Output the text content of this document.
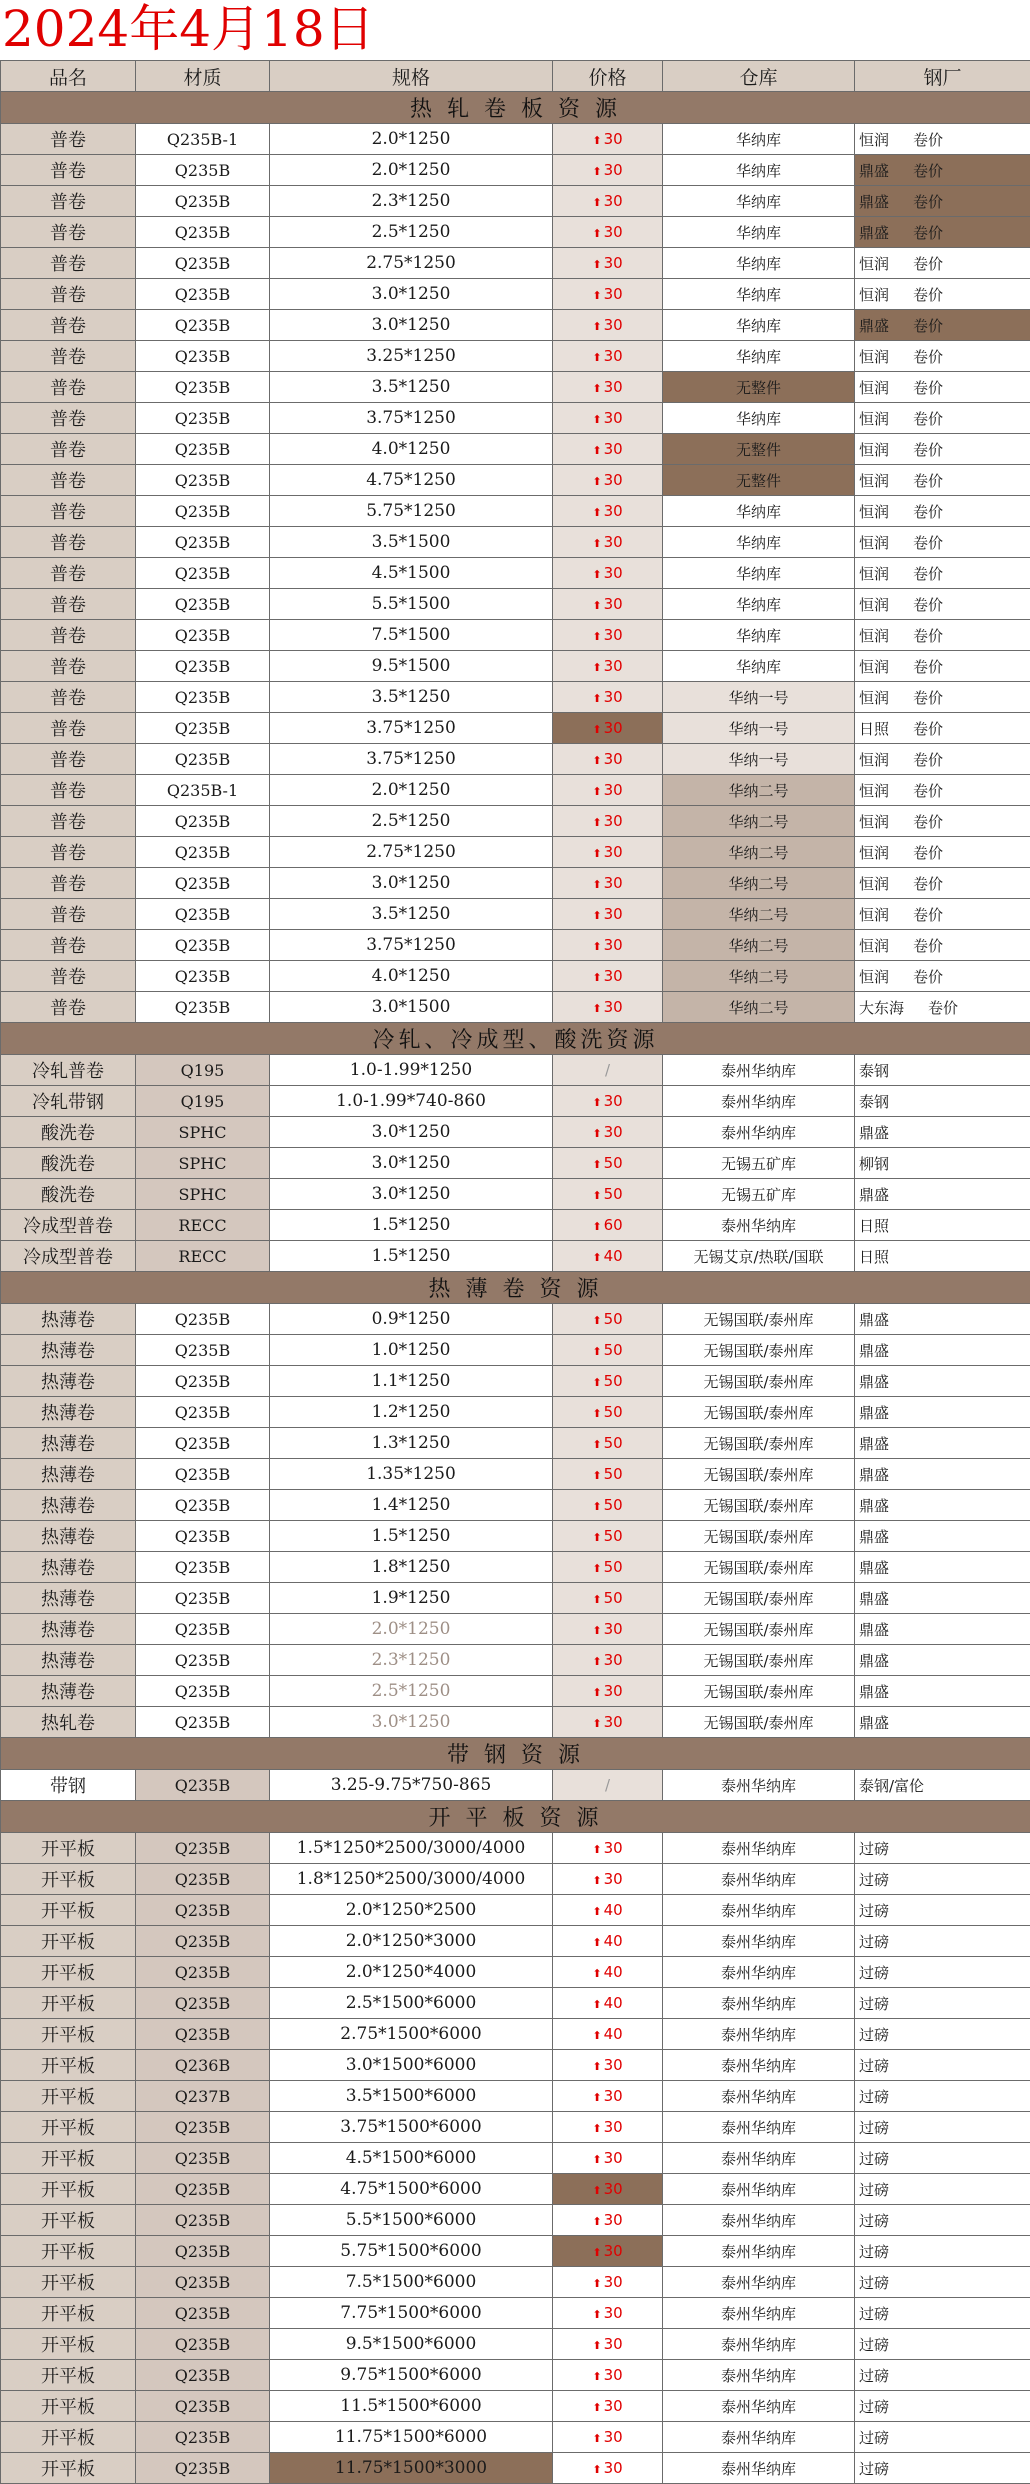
2024年4月18日
品名	材质	规格	价格	仓库	钢厂
热 轧 卷 板 资 源					
普卷	Q235B-1	2.0*1250	⬆ 30	华纳库	恒润 卷价
普卷	Q235B	2.0*1250	⬆ 30	华纳库	鼎盛 卷价
普卷	Q235B	2.3*1250	⬆ 30	华纳库	鼎盛 卷价
普卷	Q235B	2.5*1250	⬆ 30	华纳库	鼎盛 卷价
普卷	Q235B	2.75*1250	⬆ 30	华纳库	恒润 卷价
普卷	Q235B	3.0*1250	⬆ 30	华纳库	恒润 卷价
普卷	Q235B	3.0*1250	⬆ 30	华纳库	鼎盛 卷价
普卷	Q235B	3.25*1250	⬆ 30	华纳库	恒润 卷价
普卷	Q235B	3.5*1250	⬆ 30	无整件	恒润 卷价
普卷	Q235B	3.75*1250	⬆ 30	华纳库	恒润 卷价
普卷	Q235B	4.0*1250	⬆ 30	无整件	恒润 卷价
普卷	Q235B	4.75*1250	⬆ 30	无整件	恒润 卷价
普卷	Q235B	5.75*1250	⬆ 30	华纳库	恒润 卷价
普卷	Q235B	3.5*1500	⬆ 30	华纳库	恒润 卷价
普卷	Q235B	4.5*1500	⬆ 30	华纳库	恒润 卷价
普卷	Q235B	5.5*1500	⬆ 30	华纳库	恒润 卷价
普卷	Q235B	7.5*1500	⬆ 30	华纳库	恒润 卷价
普卷	Q235B	9.5*1500	⬆ 30	华纳库	恒润 卷价
普卷	Q235B	3.5*1250	⬆ 30	华纳一号	恒润 卷价
普卷	Q235B	3.75*1250	⬆ 30	华纳一号	日照 卷价
普卷	Q235B	3.75*1250	⬆ 30	华纳一号	恒润 卷价
普卷	Q235B-1	2.0*1250	⬆ 30	华纳二号	恒润 卷价
普卷	Q235B	2.5*1250	⬆ 30	华纳二号	恒润 卷价
普卷	Q235B	2.75*1250	⬆ 30	华纳二号	恒润 卷价
普卷	Q235B	3.0*1250	⬆ 30	华纳二号	恒润 卷价
普卷	Q235B	3.5*1250	⬆ 30	华纳二号	恒润 卷价
普卷	Q235B	3.75*1250	⬆ 30	华纳二号	恒润 卷价
普卷	Q235B	4.0*1250	⬆ 30	华纳二号	恒润 卷价
普卷	Q235B	3.0*1500	⬆ 30	华纳二号	大东海 卷价
冷轧、冷成型、酸洗资源					
冷轧普卷	Q195	1.0-1.99*1250	/	泰州华纳库	泰钢
冷轧带钢	Q195	1.0-1.99*740-860	⬆ 30	泰州华纳库	泰钢
酸洗卷	SPHC	3.0*1250	⬆ 30	泰州华纳库	鼎盛
酸洗卷	SPHC	3.0*1250	⬆ 50	无锡五矿库	柳钢
酸洗卷	SPHC	3.0*1250	⬆ 50	无锡五矿库	鼎盛
冷成型普卷	RECC	1.5*1250	⬆ 60	泰州华纳库	日照
冷成型普卷	RECC	1.5*1250	⬆ 40	无锡艾京/热联/国联	日照
热 薄 卷 资 源					
热薄卷	Q235B	0.9*1250	⬆ 50	无锡国联/泰州库	鼎盛
热薄卷	Q235B	1.0*1250	⬆ 50	无锡国联/泰州库	鼎盛
热薄卷	Q235B	1.1*1250	⬆ 50	无锡国联/泰州库	鼎盛
热薄卷	Q235B	1.2*1250	⬆ 50	无锡国联/泰州库	鼎盛
热薄卷	Q235B	1.3*1250	⬆ 50	无锡国联/泰州库	鼎盛
热薄卷	Q235B	1.35*1250	⬆ 50	无锡国联/泰州库	鼎盛
热薄卷	Q235B	1.4*1250	⬆ 50	无锡国联/泰州库	鼎盛
热薄卷	Q235B	1.5*1250	⬆ 50	无锡国联/泰州库	鼎盛
热薄卷	Q235B	1.8*1250	⬆ 50	无锡国联/泰州库	鼎盛
热薄卷	Q235B	1.9*1250	⬆ 50	无锡国联/泰州库	鼎盛
热薄卷	Q235B	2.0*1250	⬆ 30	无锡国联/泰州库	鼎盛
热薄卷	Q235B	2.3*1250	⬆ 30	无锡国联/泰州库	鼎盛
热薄卷	Q235B	2.5*1250	⬆ 30	无锡国联/泰州库	鼎盛
热轧卷	Q235B	3.0*1250	⬆ 30	无锡国联/泰州库	鼎盛
带 钢 资 源					
带钢	Q235B	3.25-9.75*750-865	/	泰州华纳库	泰钢/富伦
开 平 板 资 源					
开平板	Q235B	1.5*1250*2500/3000/4000	⬆ 30	泰州华纳库	过磅
开平板	Q235B	1.8*1250*2500/3000/4000	⬆ 30	泰州华纳库	过磅
开平板	Q235B	2.0*1250*2500	⬆ 40	泰州华纳库	过磅
开平板	Q235B	2.0*1250*3000	⬆ 40	泰州华纳库	过磅
开平板	Q235B	2.0*1250*4000	⬆ 40	泰州华纳库	过磅
开平板	Q235B	2.5*1500*6000	⬆ 40	泰州华纳库	过磅
开平板	Q235B	2.75*1500*6000	⬆ 40	泰州华纳库	过磅
开平板	Q236B	3.0*1500*6000	⬆ 30	泰州华纳库	过磅
开平板	Q237B	3.5*1500*6000	⬆ 30	泰州华纳库	过磅
开平板	Q235B	3.75*1500*6000	⬆ 30	泰州华纳库	过磅
开平板	Q235B	4.5*1500*6000	⬆ 30	泰州华纳库	过磅
开平板	Q235B	4.75*1500*6000	⬆ 30	泰州华纳库	过磅
开平板	Q235B	5.5*1500*6000	⬆ 30	泰州华纳库	过磅
开平板	Q235B	5.75*1500*6000	⬆ 30	泰州华纳库	过磅
开平板	Q235B	7.5*1500*6000	⬆ 30	泰州华纳库	过磅
开平板	Q235B	7.75*1500*6000	⬆ 30	泰州华纳库	过磅
开平板	Q235B	9.5*1500*6000	⬆ 30	泰州华纳库	过磅
开平板	Q235B	9.75*1500*6000	⬆ 30	泰州华纳库	过磅
开平板	Q235B	11.5*1500*6000	⬆ 30	泰州华纳库	过磅
开平板	Q235B	11.75*1500*6000	⬆ 30	泰州华纳库	过磅
开平板	Q235B	11.75*1500*3000	⬆ 30	泰州华纳库	过磅
